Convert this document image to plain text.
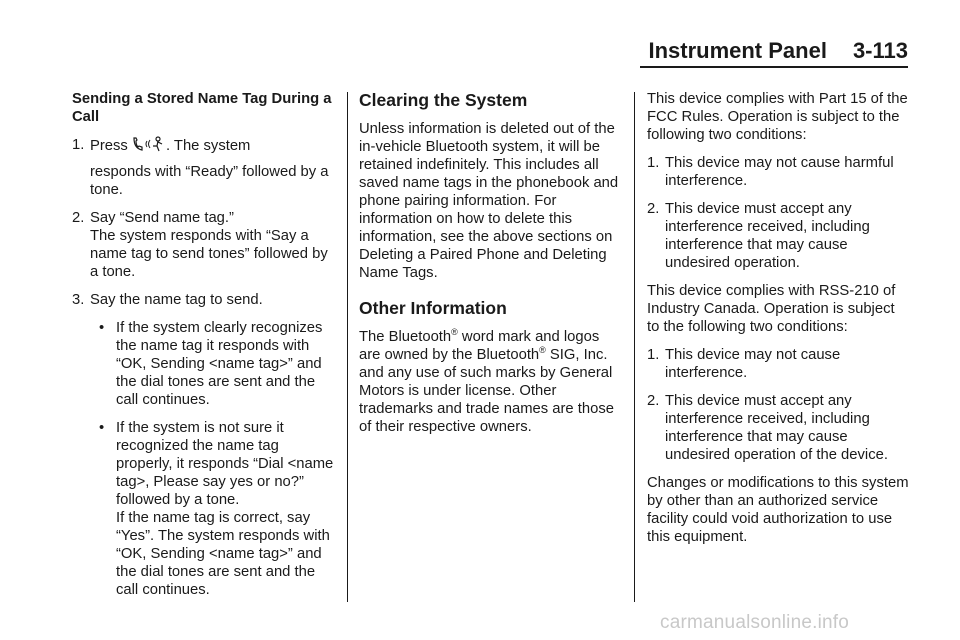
Instrument Panel 3-113

Sending a Stored Name Tag During a Call

1. Press	. The system
responds with “Ready” followed by a tone.
2. Say “Send name tag.”
The system responds with “Say a name tag to send tones” followed by a tone.
3. Say the name tag to send.
• If the system clearly recognizes the name tag it responds with “OK, Sending <name tag>” and the dial tones are sent and the call continues.
• If the system is not sure it recognized the name tag properly, it responds “Dial <name tag>, Please say yes or no?” followed by a tone.
If the name tag is correct, say “Yes”. The system responds with “OK, Sending <name tag>” and the dial tones are sent and the call continues.
Clearing the System

Unless information is deleted out of the in-vehicle Bluetooth system, it will be retained indefinitely. This includes all saved name tags in the phonebook and phone pairing information. For information on how to delete this information, see the above sections on Deleting a Paired Phone and Deleting Name Tags.

Other Information

The Bluetooth® word mark and logos are owned by the Bluetooth® SIG, Inc. and any use of such marks by General Motors is under license. Other trademarks and trade names are those of their respective owners.

This device complies with Part 15 of the FCC Rules. Operation is subject to the following two conditions:

1. This device may not cause harmful interference.
2. This device must accept any interference received, including interference that may cause undesired operation.

This device complies with RSS-210 of Industry Canada. Operation is subject to the following two conditions:

1. This device may not cause interference.
2. This device must accept any interference received, including interference that may cause undesired operation of the device.

Changes or modifications to this system by other than an authorized service facility could void authorization to use this equipment.

carmanualsonline.info
